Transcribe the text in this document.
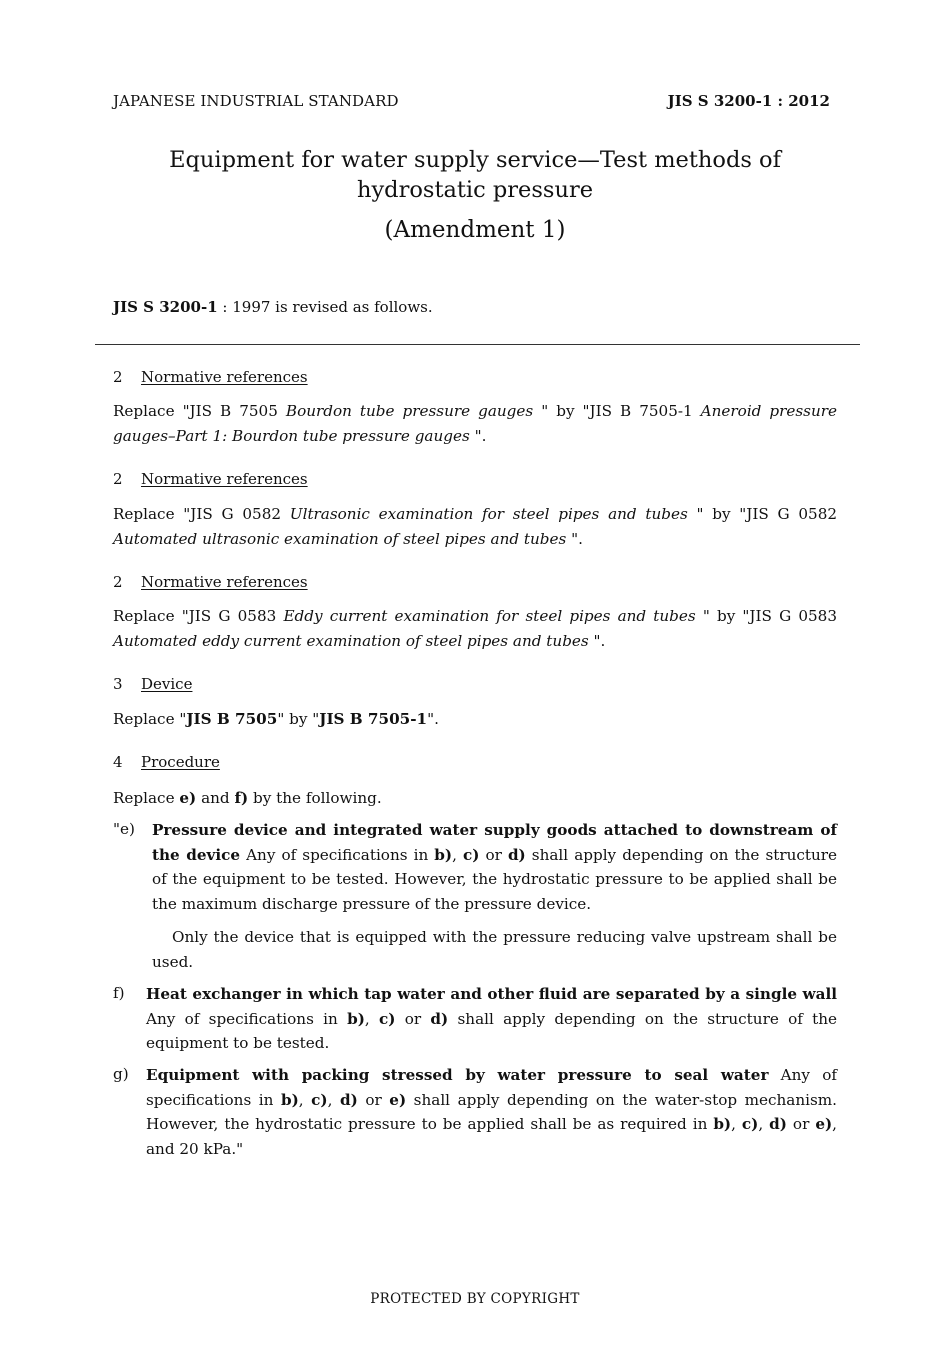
JAPANESE INDUSTRIAL STANDARD	JIS S 3200-1 : 2012
Equipment for water supply service—Test methods of
hydrostatic pressure
(Amendment 1)
JIS S 3200-1 : 1997 is revised as follows.
2 Normative references
Replace "JIS B 7505 Bourdon tube pressure gauges " by "JIS B 7505-1 Aneroid pressure gauges–Part 1: Bourdon tube pressure gauges ".
2 Normative references
Replace "JIS G 0582 Ultrasonic examination for steel pipes and tubes " by "JIS G 0582 Automated ultrasonic examination of steel pipes and tubes ".
2 Normative references
Replace "JIS G 0583 Eddy current examination for steel pipes and tubes " by "JIS G 0583 Automated eddy current examination of steel pipes and tubes ".
3 Device
Replace "JIS B 7505" by "JIS B 7505-1".
4 Procedure
Replace e) and f) by the following.
"e) Pressure device and integrated water supply goods attached to downstream of the device Any of specifications in b), c) or d) shall apply depending on the structure of the equipment to be tested. However, the hydrostatic pressure to be applied shall be the maximum discharge pressure of the pressure device.
Only the device that is equipped with the pressure reducing valve upstream shall be used.
f) Heat exchanger in which tap water and other fluid are separated by a single wall Any of specifications in b), c) or d) shall apply depending on the structure of the equipment to be tested.
g) Equipment with packing stressed by water pressure to seal water Any of specifications in b), c), d) or e) shall apply depending on the water-stop mechanism. However, the hydrostatic pressure to be applied shall be as required in b), c), d) or e), and 20 kPa."
PROTECTED BY COPYRIGHT
